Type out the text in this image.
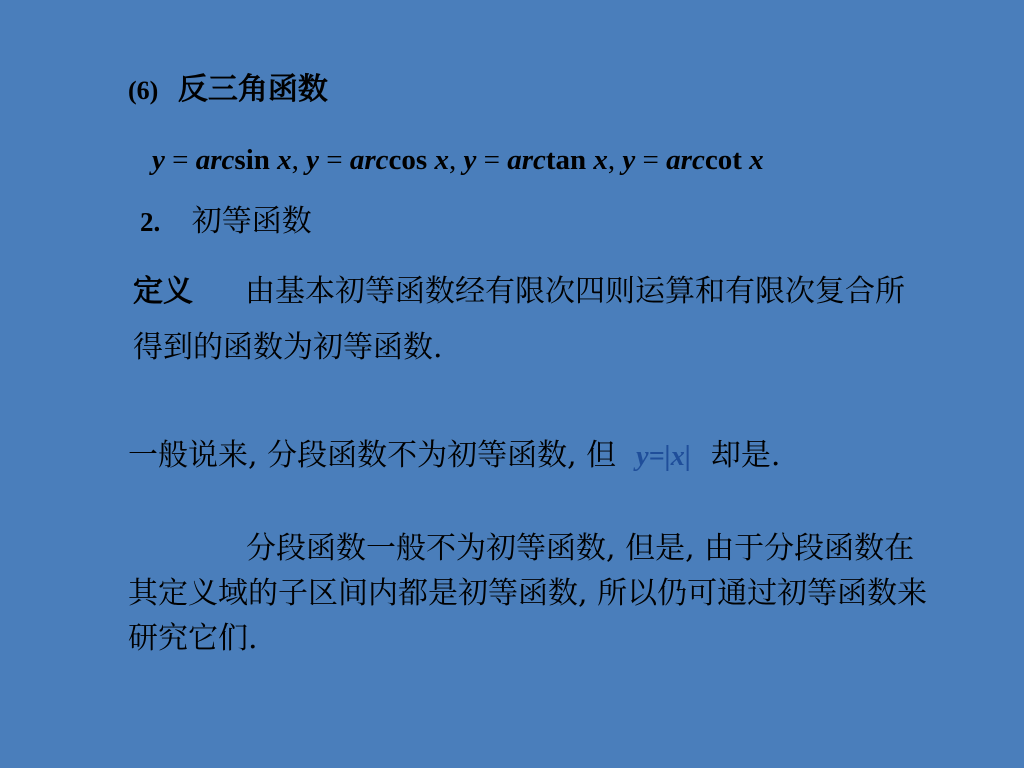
(6) 反三角函数
y = arcsin x, y = arccos x, y = arctan x, y = arccot x
2. 初等函数
定义 由基本初等函数经有限次四则运算和有限次复合所得到的函数为初等函数.
一般说来, 分段函数不为初等函数, 但 y=|x| 却是.
分段函数一般不为初等函数, 但是, 由于分段函数在其定义域的子区间内都是初等函数, 所以仍可通过初等函数来研究它们.
